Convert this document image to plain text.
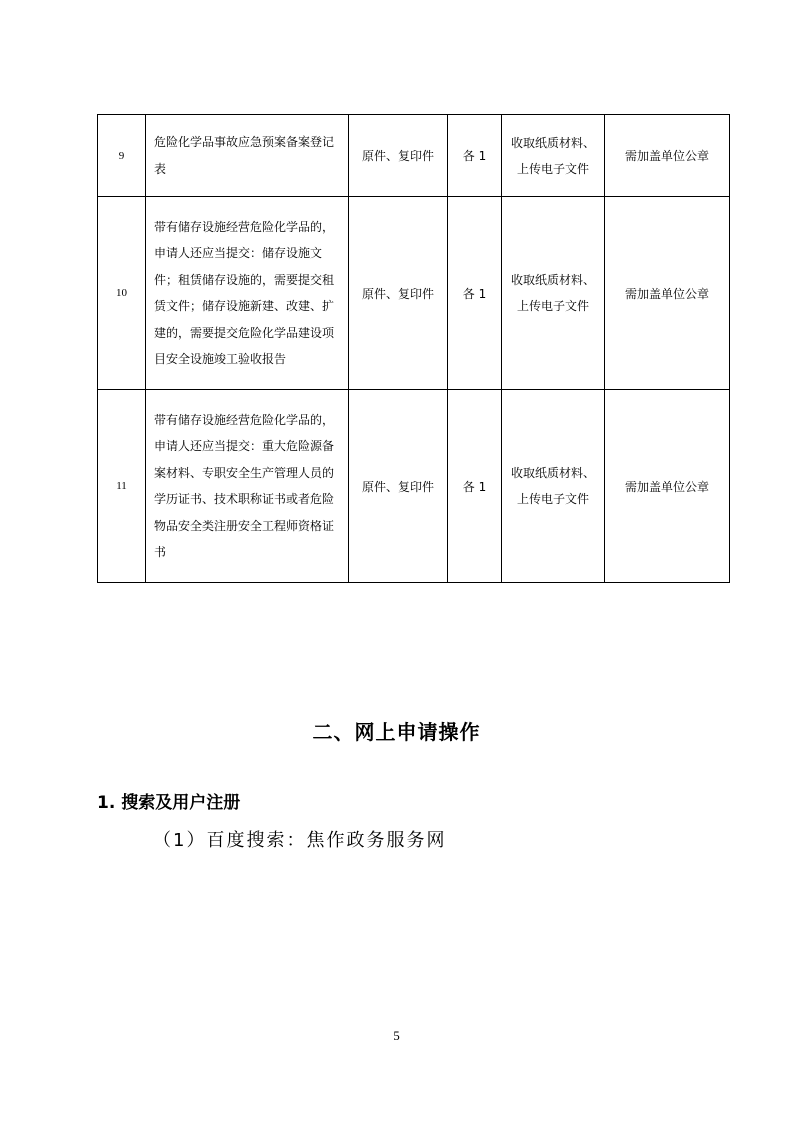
9	危险化学品事故应急预案备案登记表	原件、复印件	各 1	收取纸质材料、
上传电子文件	需加盖单位公章
10	带有储存设施经营危险化学品的，申请人还应当提交：储存设施文件；租赁储存设施的，需要提交租赁文件；储存设施新建、改建、扩建的，需要提交危险化学品建设项目安全设施竣工验收报告	原件、复印件	各 1	收取纸质材料、
上传电子文件	需加盖单位公章
11	带有储存设施经营危险化学品的，申请人还应当提交：重大危险源备案材料、专职安全生产管理人员的学历证书、技术职称证书或者危险物品安全类注册安全工程师资格证书	原件、复印件	各 1	收取纸质材料、
上传电子文件	需加盖单位公章
二、网上申请操作
1. 搜索及用户注册
（1）百度搜索：焦作政务服务网
5
